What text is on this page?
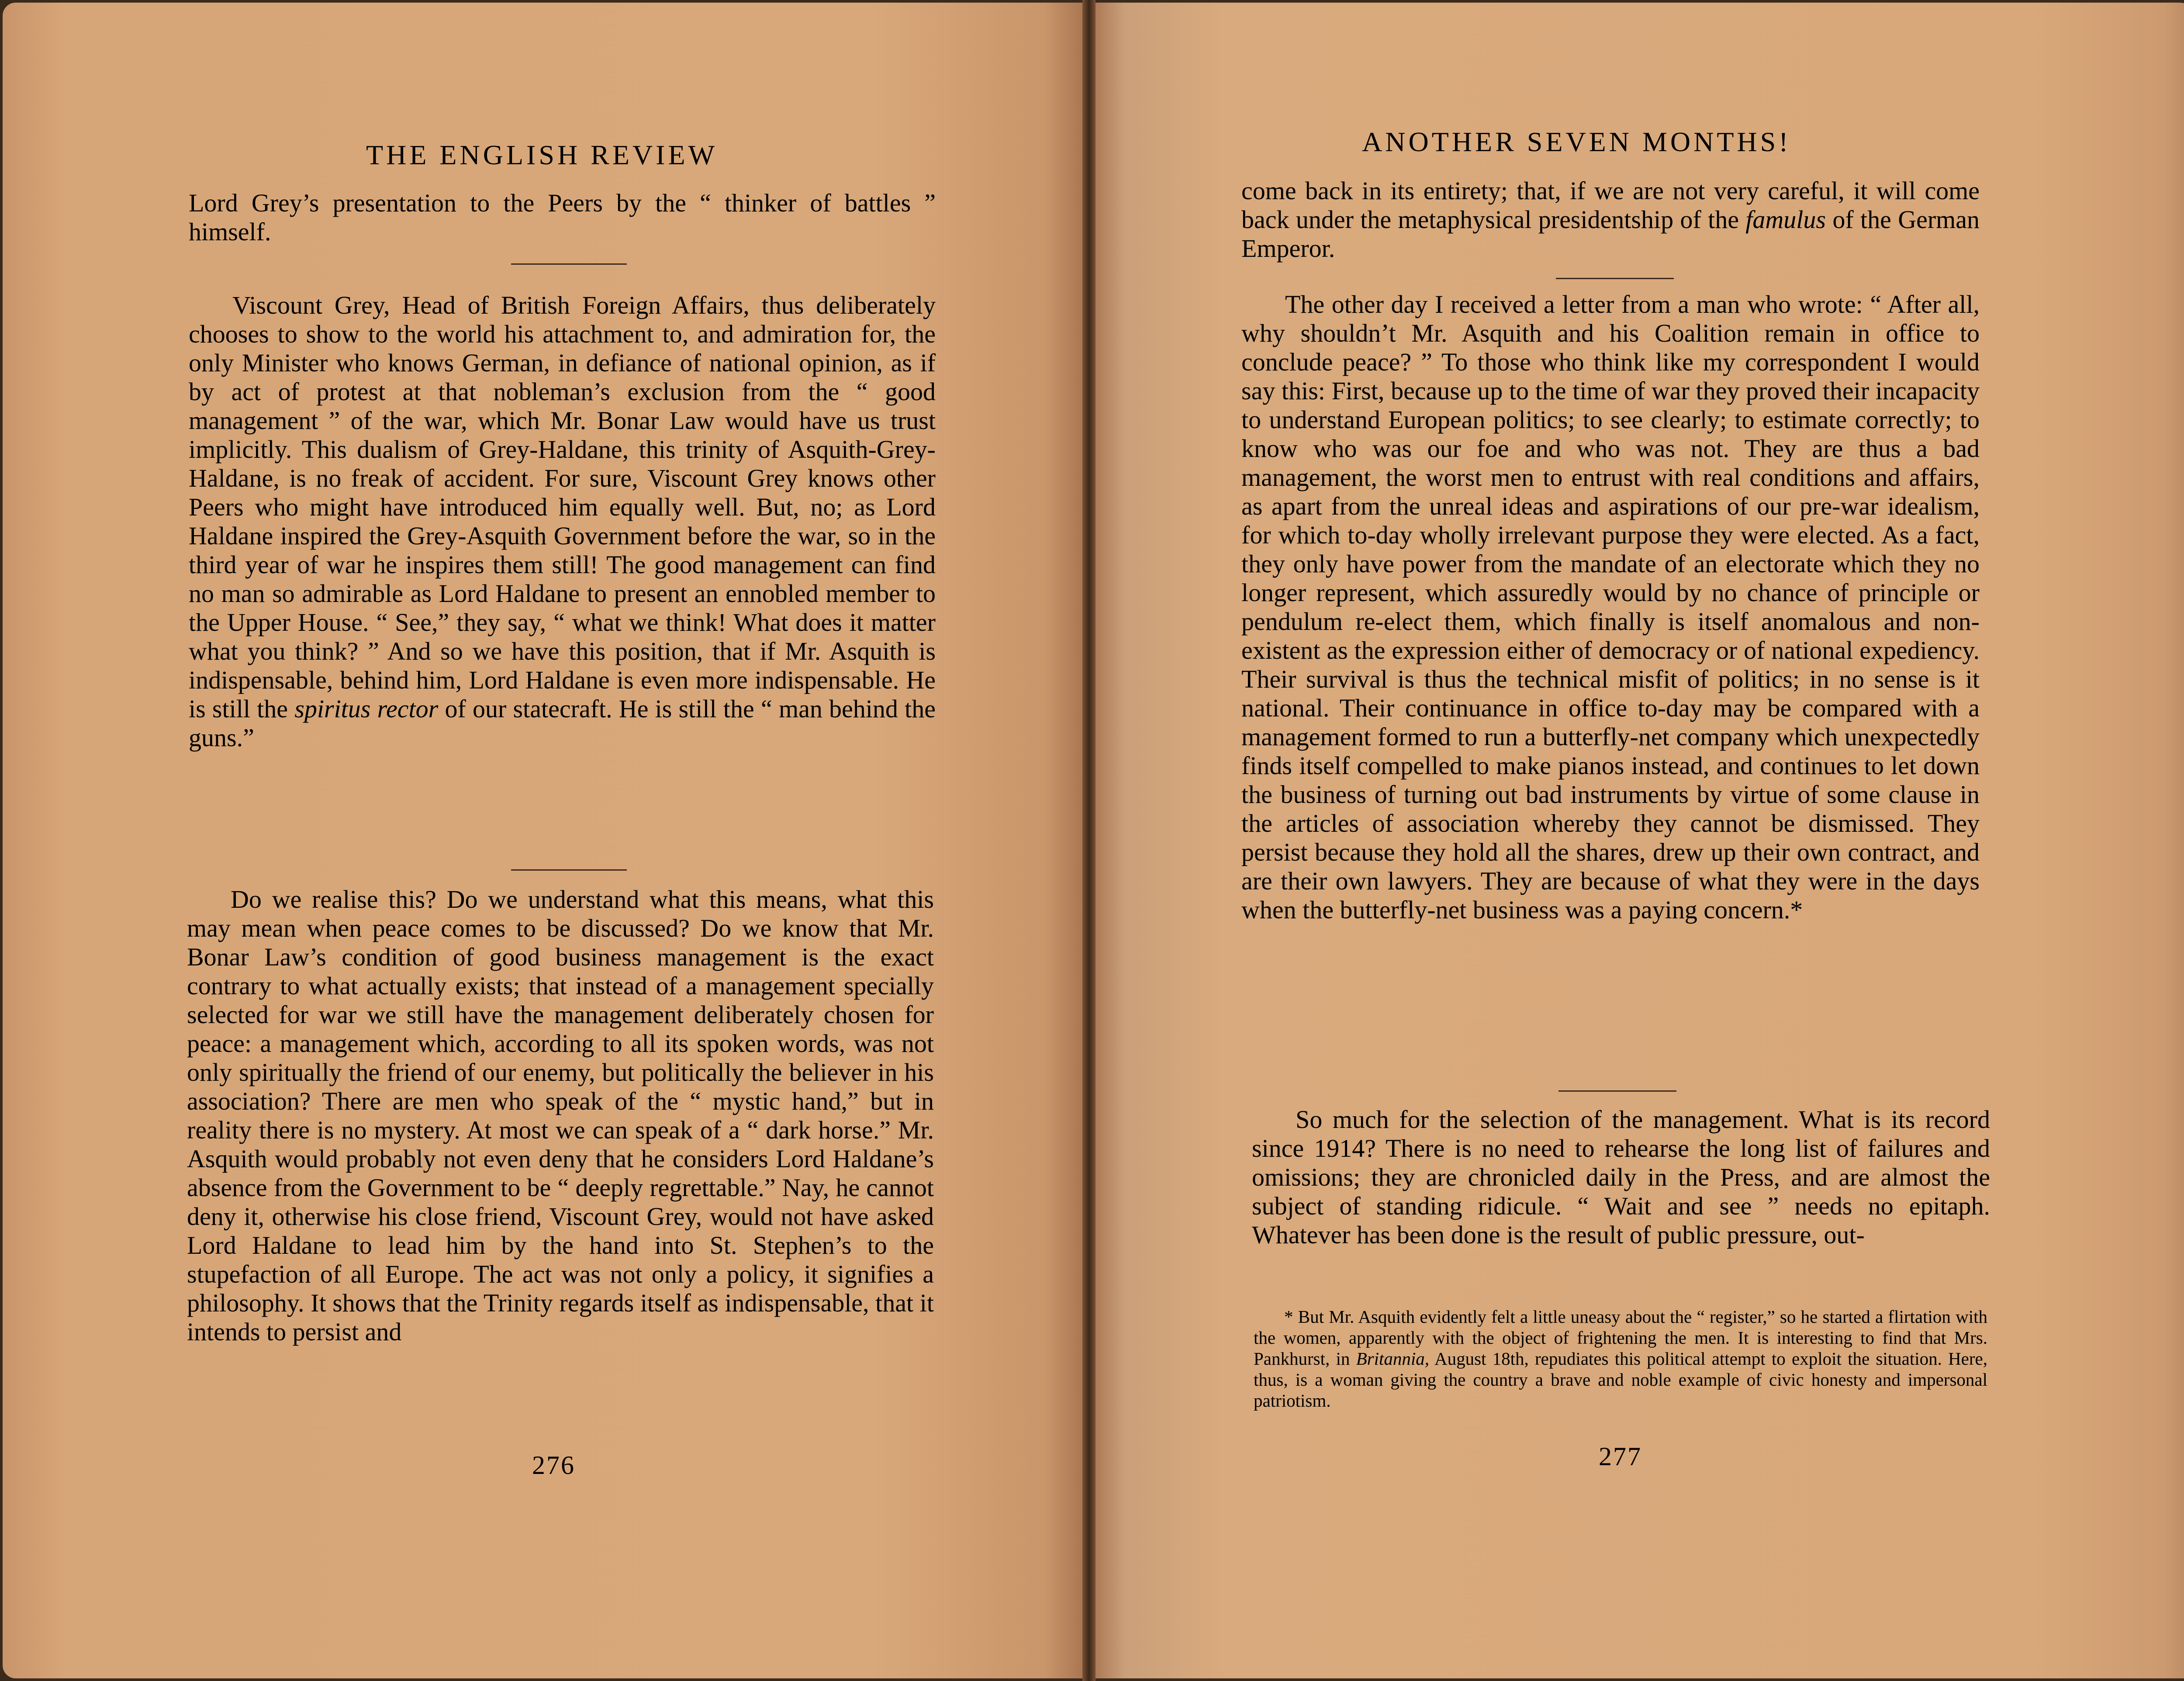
THE ENGLISH REVIEW

Lord Grey’s presentation to the Peers by the “ thinker of battles ” himself.

Viscount Grey, Head of British Foreign Affairs, thus deliberately chooses to show to the world his attachment to, and admiration for, the only Minister who knows German, in defiance of national opinion, as if by act of protest at that nobleman’s exclusion from the “ good management ” of the war, which Mr. Bonar Law would have us trust implicitly. This dualism of Grey-Haldane, this trinity of Asquith-Grey-Haldane, is no freak of accident. For sure, Viscount Grey knows other Peers who might have introduced him equally well. But, no; as Lord Haldane inspired the Grey-Asquith Government before the war, so in the third year of war he inspires them still! The good management can find no man so admirable as Lord Haldane to present an ennobled member to the Upper House. “ See,” they say, “ what we think! What does it matter what you think? ” And so we have this position, that if Mr. Asquith is indispensable, behind him, Lord Haldane is even more indispensable. He is still the spiritus rector of our statecraft. He is still the “ man behind the guns.”

Do we realise this? Do we understand what this means, what this may mean when peace comes to be discussed? Do we know that Mr. Bonar Law’s condition of good business management is the exact contrary to what actually exists; that instead of a management specially selected for war we still have the management deliberately chosen for peace: a management which, according to all its spoken words, was not only spiritually the friend of our enemy, but politically the believer in his association? There are men who speak of the “ mystic hand,” but in reality there is no mystery. At most we can speak of a “ dark horse.” Mr. Asquith would probably not even deny that he considers Lord Haldane’s absence from the Government to be “ deeply regrettable.” Nay, he cannot deny it, otherwise his close friend, Viscount Grey, would not have asked Lord Haldane to lead him by the hand into St. Stephen’s to the stupefaction of all Europe. The act was not only a policy, it signifies a philosophy. It shows that the Trinity regards itself as indispensable, that it intends to persist and

276
ANOTHER SEVEN MONTHS!

come back in its entirety; that, if we are not very careful, it will come back under the metaphysical presidentship of the famulus of the German Emperor.

The other day I received a letter from a man who wrote: “ After all, why shouldn’t Mr. Asquith and his Coalition remain in office to conclude peace? ” To those who think like my correspondent I would say this: First, because up to the time of war they proved their incapacity to understand European politics; to see clearly; to estimate correctly; to know who was our foe and who was not. They are thus a bad management, the worst men to entrust with real conditions and affairs, as apart from the unreal ideas and aspirations of our pre-war idealism, for which to-day wholly irrelevant purpose they were elected. As a fact, they only have power from the mandate of an electorate which they no longer represent, which assuredly would by no chance of principle or pendulum re-elect them, which finally is itself anomalous and non-existent as the expression either of democracy or of national expediency. Their survival is thus the technical misfit of politics; in no sense is it national. Their continuance in office to-day may be compared with a management formed to run a butterfly-net company which unexpectedly finds itself compelled to make pianos instead, and continues to let down the business of turning out bad instruments by virtue of some clause in the articles of association whereby they cannot be dismissed. They persist because they hold all the shares, drew up their own contract, and are their own lawyers. They are because of what they were in the days when the butterfly-net business was a paying concern.*

So much for the selection of the management. What is its record since 1914? There is no need to rehearse the long list of failures and omissions; they are chronicled daily in the Press, and are almost the subject of standing ridicule. “ Wait and see ” needs no epitaph. Whatever has been done is the result of public pressure, out-

* But Mr. Asquith evidently felt a little uneasy about the “ register,” so he started a flirtation with the women, apparently with the object of frightening the men. It is interesting to find that Mrs. Pankhurst, in Britannia, August 18th, repudiates this political attempt to exploit the situation. Here, thus, is a woman giving the country a brave and noble example of civic honesty and impersonal patriotism.

277
